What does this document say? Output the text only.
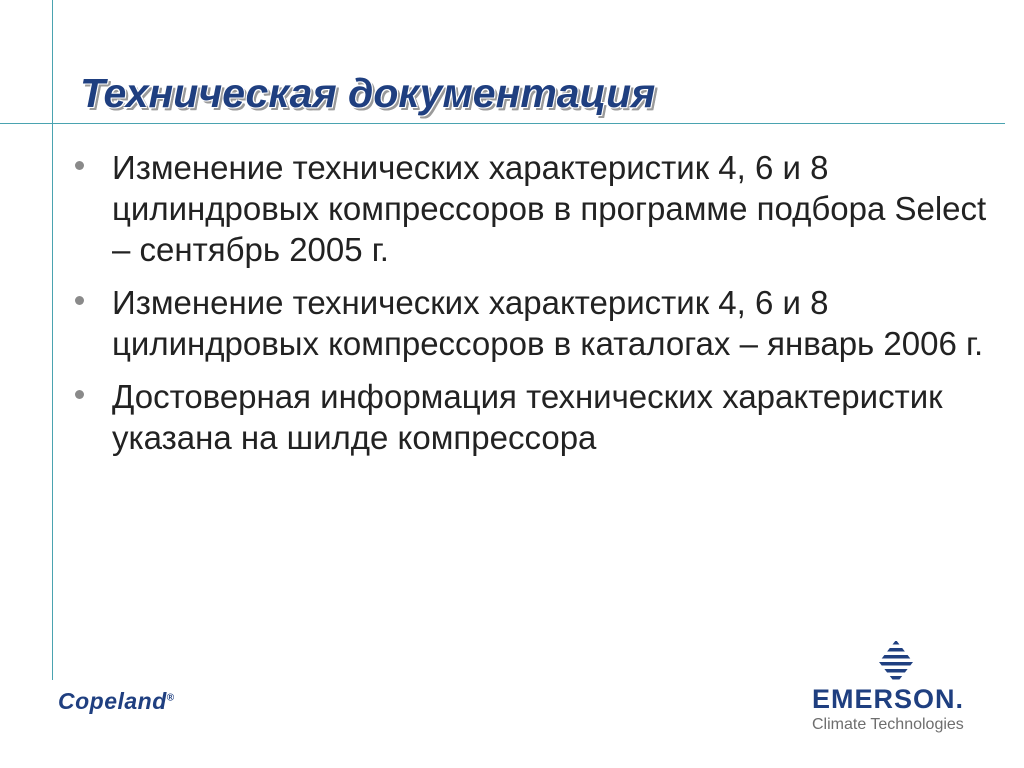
Техническая документация
Изменение технических характеристик 4, 6 и 8 цилиндровых компрессоров в программе подбора Select – сентябрь 2005 г.
Изменение технических характеристик 4, 6 и 8 цилиндровых компрессоров в каталогах – январь 2006 г.
Достоверная информация технических характеристик указана на шилде компрессора
Copeland®	EMERSON.
Climate Technologies
